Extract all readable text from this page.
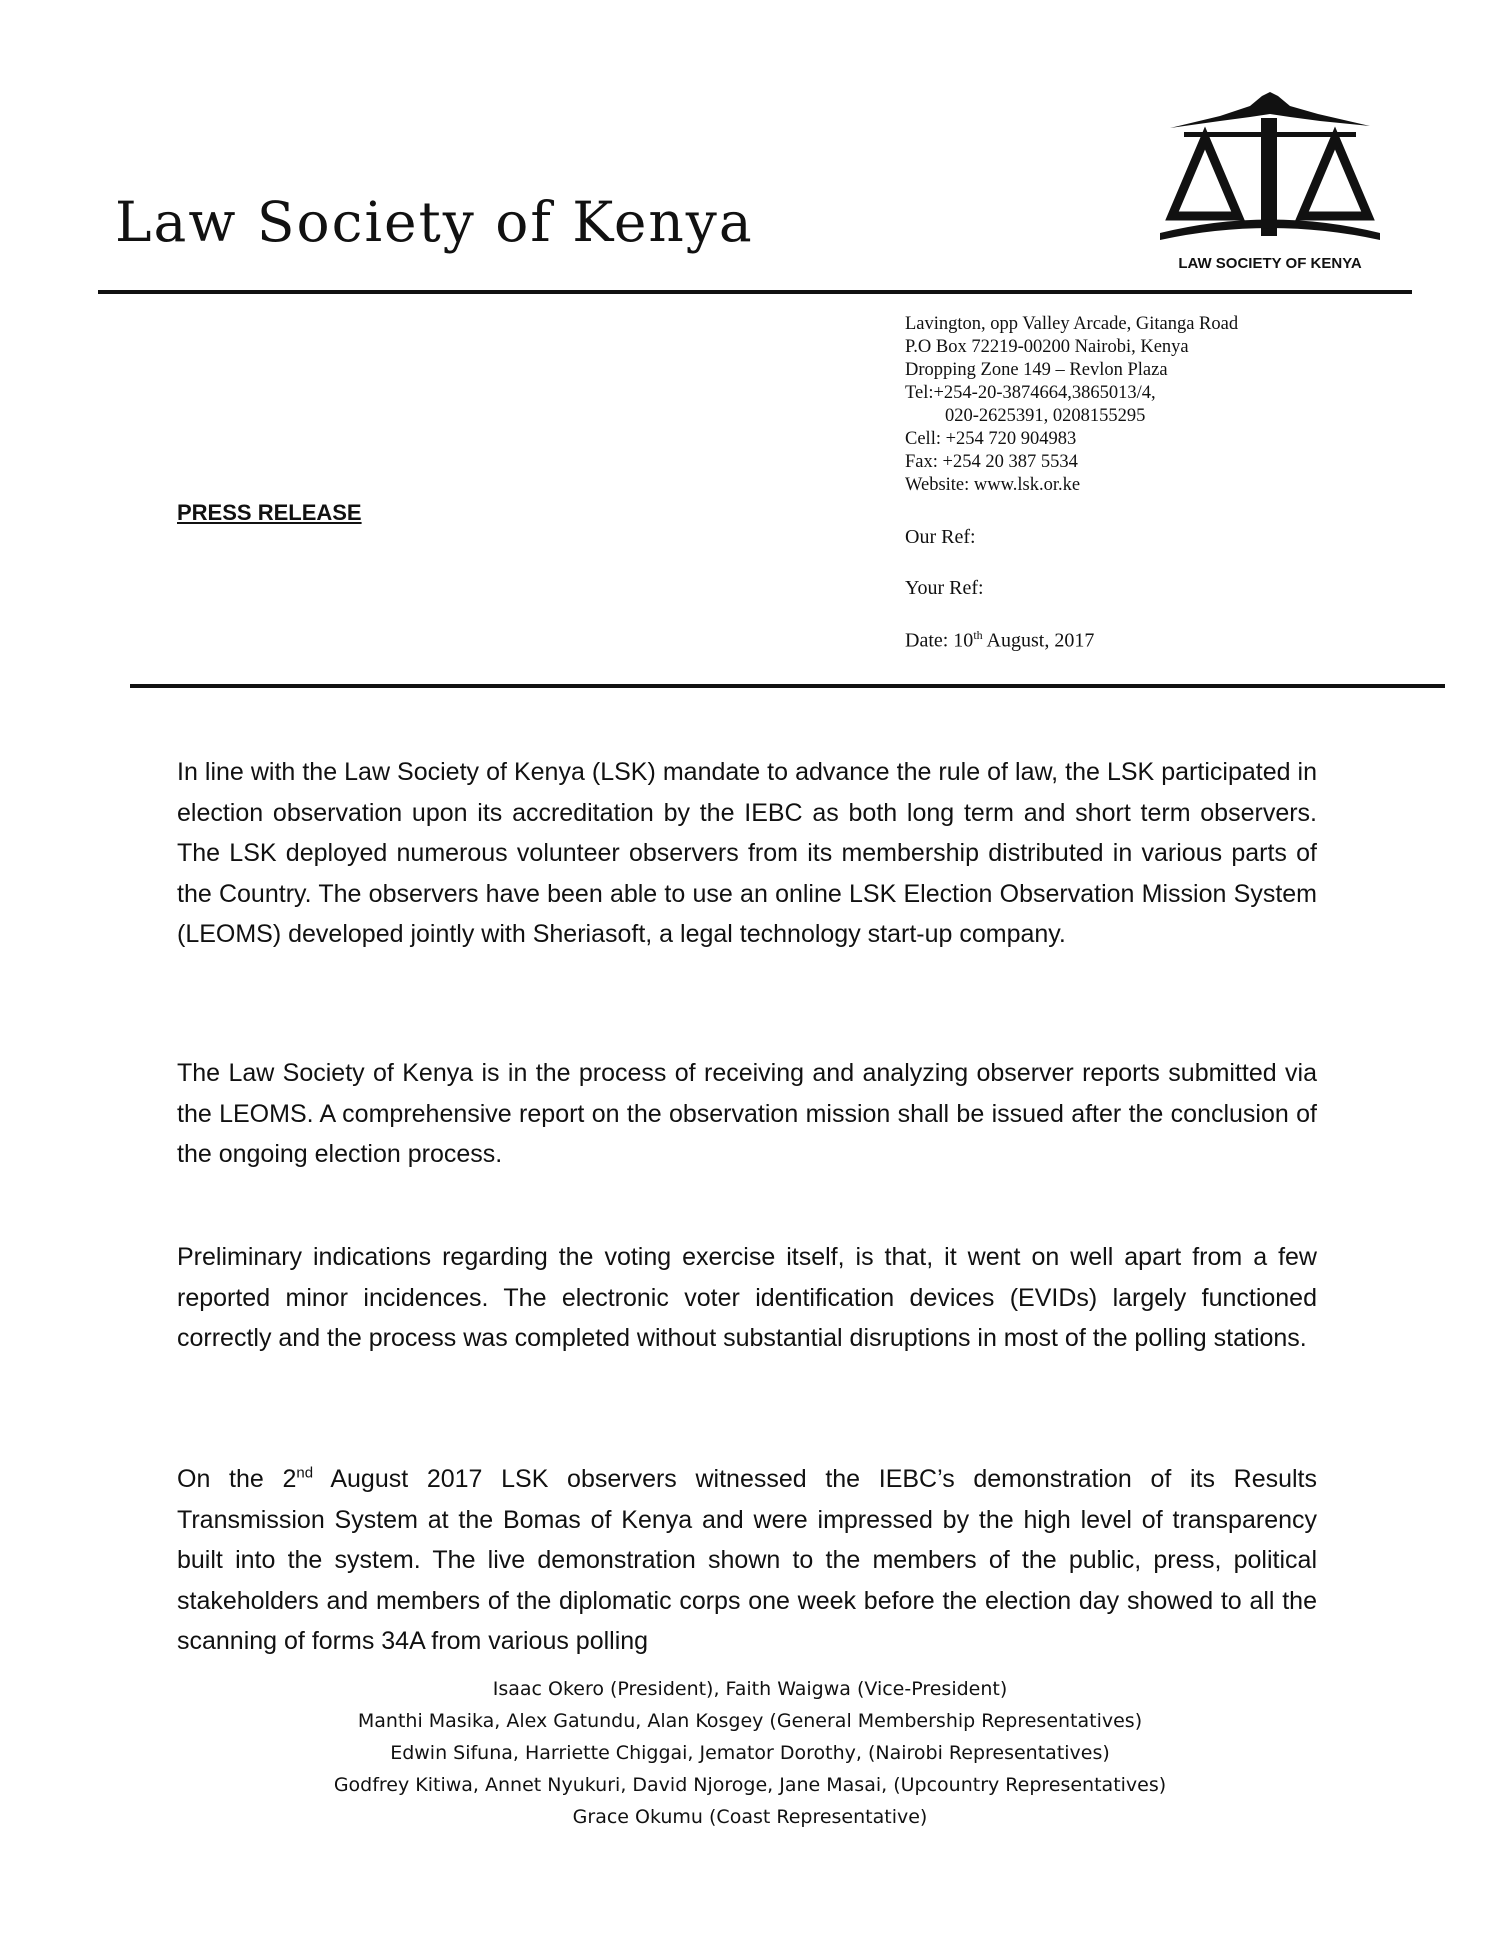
Law Society of Kenya
LAW SOCIETY OF KENYA
Lavington, opp Valley Arcade, Gitanga Road
P.O Box 72219-00200 Nairobi, Kenya
Dropping Zone 149 – Revlon Plaza
Tel:+254-20-3874664,3865013/4,
020-2625391, 0208155295
Cell: +254 720 904983
Fax: +254 20 387 5534
Website: www.lsk.or.ke
Our Ref:
Your Ref:
Date: 10th August, 2017
PRESS RELEASE

In line with the Law Society of Kenya (LSK) mandate to advance the rule of law, the LSK participated in election observation upon its accreditation by the IEBC as both long term and short term observers. The LSK deployed numerous volunteer observers from its membership distributed in various parts of the Country. The observers have been able to use an online LSK Election Observation Mission System (LEOMS) developed jointly with Sheriasoft, a legal technology start-up company.

The Law Society of Kenya is in the process of receiving and analyzing observer reports submitted via the LEOMS. A comprehensive report on the observation mission shall be issued after the conclusion of the ongoing election process.

Preliminary indications regarding the voting exercise itself, is that, it went on well apart from a few reported minor incidences. The electronic voter identification devices (EVIDs) largely functioned correctly and the process was completed without substantial disruptions in most of the polling stations.

On the 2nd August 2017 LSK observers witnessed the IEBC’s demonstration of its Results Transmission System at the Bomas of Kenya and were impressed by the high level of transparency built into the system. The live demonstration shown to the members of the public, press, political stakeholders and members of the diplomatic corps one week before the election day showed to all the scanning of forms 34A from various polling

Isaac Okero (President), Faith Waigwa (Vice-President)
Manthi Masika, Alex Gatundu, Alan Kosgey (General Membership Representatives)
Edwin Sifuna, Harriette Chiggai, Jemator Dorothy, (Nairobi Representatives)
Godfrey Kitiwa, Annet Nyukuri, David Njoroge, Jane Masai, (Upcountry Representatives)
Grace Okumu (Coast Representative)
